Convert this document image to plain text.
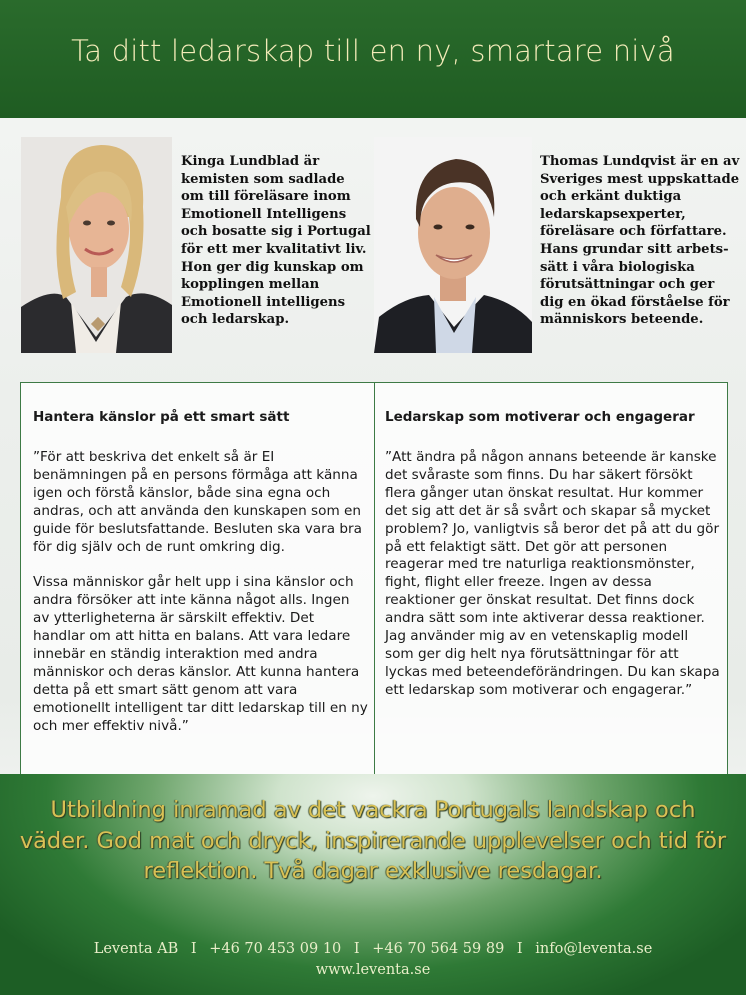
Ta ditt ledarskap till en ny, smartare nivå
Kinga Lundblad är kemisten som sadlade om till föreläsare inom Emotionell Intelligens och bosatte sig i Portugal för ett mer kvalitativt liv. Hon ger dig kunskap om kopplingen mellan Emotionell intelligens och ledarskap.
Thomas Lundqvist är en av Sveriges mest uppskattade och erkänt duktiga ledarskapsexperter, föreläsare och författare. Hans grundar sitt arbets-sätt i våra biologiska förutsättningar och ger dig en ökad förståelse för människors beteende.
Hantera känslor på ett smart sätt

”För att beskriva det enkelt så är EI benämningen på en persons förmåga att känna igen och förstå känslor, både sina egna och andras, och att använda den kunskapen som en guide för beslutsfattande. Besluten ska vara bra för dig själv och de runt omkring dig.

Vissa människor går helt upp i sina känslor och andra försöker att inte känna något alls. Ingen av ytterligheterna är särskilt effektiv. Det handlar om att hitta en balans. Att vara ledare innebär en ständig interaktion med andra människor och deras känslor. Att kunna hantera detta på ett smart sätt genom att vara emotionellt intelligent tar ditt ledarskap till en ny och mer effektiv nivå.”

Ledarskap som motiverar och engagerar

”Att ändra på någon annans beteende är kanske det svåraste som finns. Du har säkert försökt flera gånger utan önskat resultat. Hur kommer det sig att det är så svårt och skapar så mycket problem? Jo, vanligtvis så beror det på att du gör på ett felaktigt sätt. Det gör att personen reagerar med tre naturliga reaktionsmönster, fight, flight eller freeze. Ingen av dessa reaktioner ger önskat resultat. Det finns dock andra sätt som inte aktiverar dessa reaktioner.

Jag använder mig av en vetenskaplig modell som ger dig helt nya förutsättningar för att lyckas med beteendeförändringen. Du kan skapa ett ledarskap som motiverar och engagerar.”

Utbildning inramad av det vackra Portugals landskap och väder. God mat och dryck, inspirerande upplevelser och tid för reflektion. Två dagar exklusive resdagar.
Leventa AB I +46 70 453 09 10 I +46 70 564 59 89 I info@leventa.se
www.leventa.se
